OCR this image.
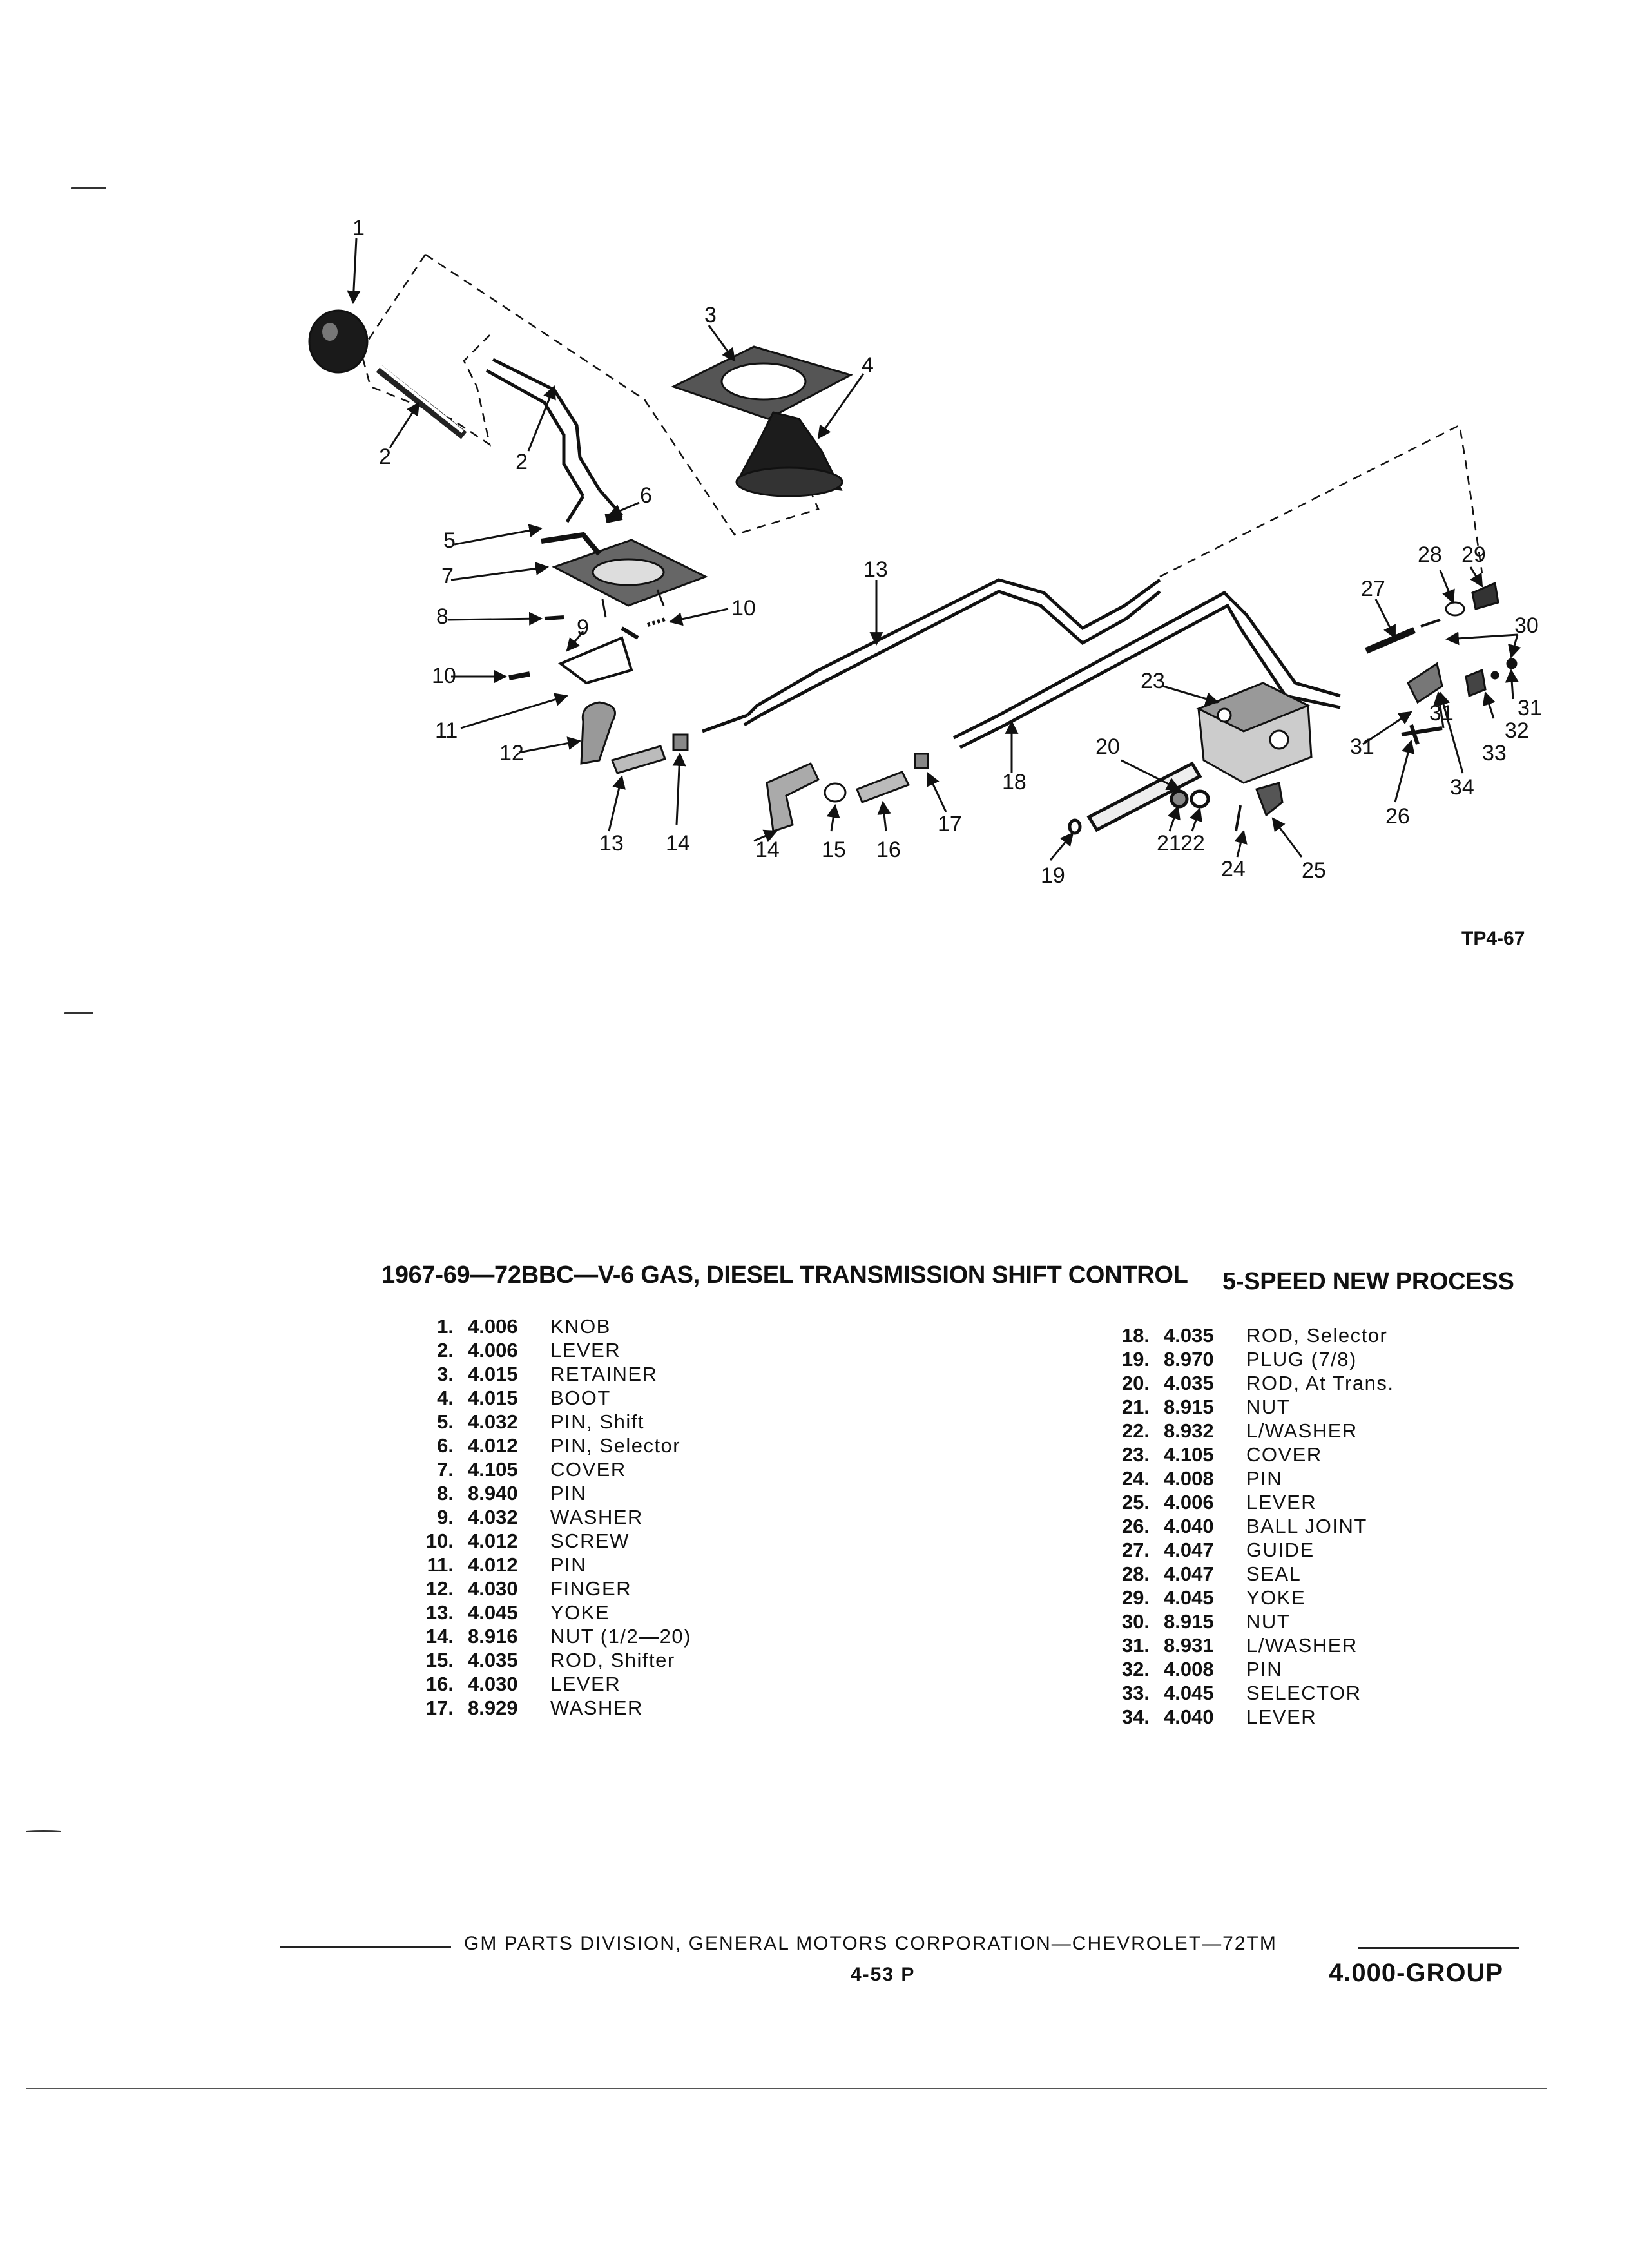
1
2	2
3
4
5
6
7
8	9
10
10
11
12
13 14
13
14 15 16
17
18
19
20
21 22
23
24	25
26
27
28 29
30
31	31
31
32
33
34
TP4-67
1967-69—72BBC—V-6 GAS, DIESEL TRANSMISSION SHIFT CONTROL 5-SPEED NEW PROCESS
1. 4.006 KNOB
2. 4.006 LEVER
3. 4.015 RETAINER
4. 4.015 BOOT
5. 4.032 PIN, Shift
6. 4.012 PIN, Selector
7. 4.105 COVER
8. 8.940 PIN
9. 4.032 WASHER
10. 4.012 SCREW
11. 4.012 PIN
12. 4.030 FINGER
13. 4.045 YOKE
14. 8.916 NUT (1/2—20)
15. 4.035 ROD, Shifter
16. 4.030 LEVER
17. 8.929 WASHER
18. 4.035 ROD, Selector
19. 8.970 PLUG (7/8)
20. 4.035 ROD, At Trans.
21. 8.915 NUT
22. 8.932 L/WASHER
23. 4.105 COVER
24. 4.008 PIN
25. 4.006 LEVER
26. 4.040 BALL JOINT
27. 4.047 GUIDE
28. 4.047 SEAL
29. 4.045 YOKE
30. 8.915 NUT
31. 8.931 L/WASHER
32. 4.008 PIN
33. 4.045 SELECTOR
34. 4.040 LEVER
GM PARTS DIVISION, GENERAL MOTORS CORPORATION—CHEVROLET—72TM
4-53 P	4.000-GROUP
